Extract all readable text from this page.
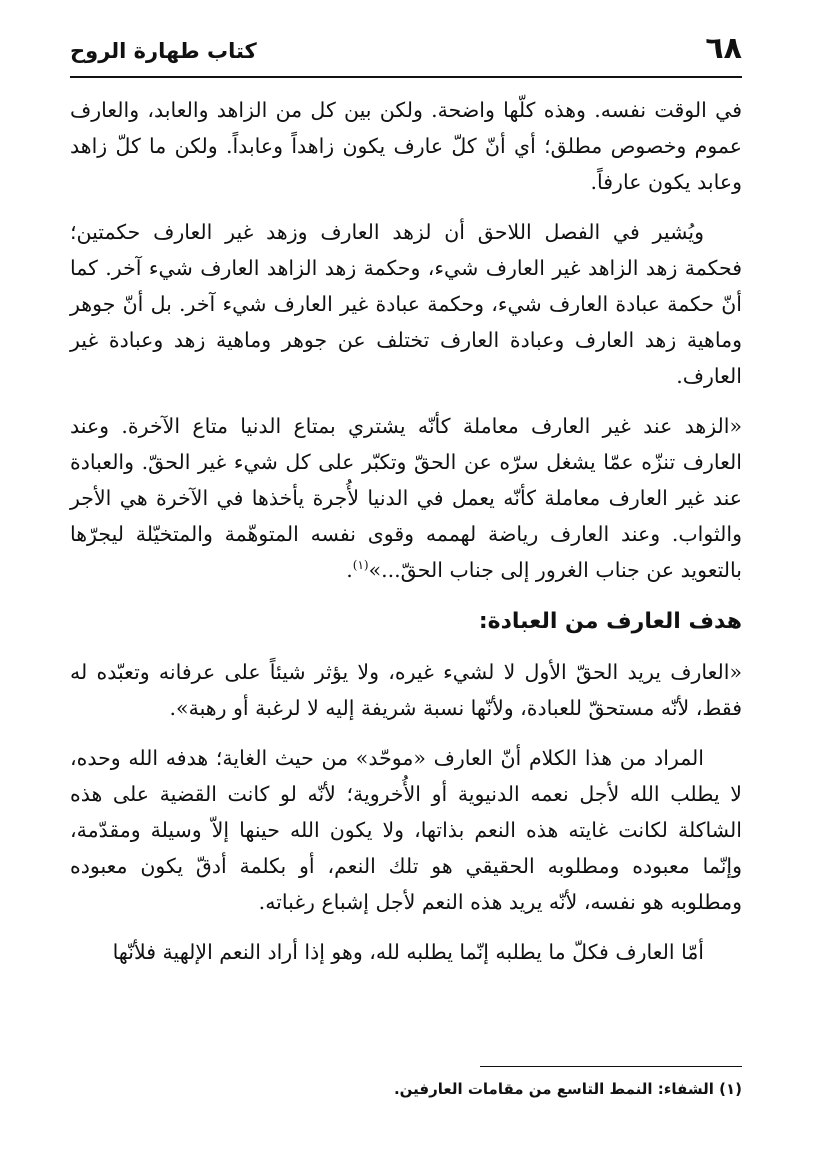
٦٨
كتاب طهارة الروح

في الوقت نفسه. وهذه كلّها واضحة. ولكن بين كل من الزاهد والعابد، والعارف عموم وخصوص مطلق؛ أي أنّ كلّ عارف يكون زاهداً وعابداً. ولكن ما كلّ زاهد وعابد يكون عارفاً.

ويُشير في الفصل اللاحق أن لزهد العارف وزهد غير العارف حكمتين؛ فحكمة زهد الزاهد غير العارف شيء، وحكمة زهد الزاهد العارف شيء آخر. كما أنّ حكمة عبادة العارف شيء، وحكمة عبادة غير العارف شيء آخر. بل أنّ جوهر وماهية زهد العارف وعبادة العارف تختلف عن جوهر وماهية زهد وعبادة غير العارف.

«الزهد عند غير العارف معاملة كأنّه يشتري بمتاع الدنيا متاع الآخرة. وعند العارف تنزّه عمّا يشغل سرّه عن الحقّ وتكبّر على كل شيء غير الحقّ. والعبادة عند غير العارف معاملة كأنّه يعمل في الدنيا لأُجرة يأخذها في الآخرة هي الأجر والثواب. وعند العارف رياضة لهممه وقوى نفسه المتوهّمة والمتخيّلة ليجرّها بالتعويد عن جناب الغرور إلى جناب الحقّ...»$^{(١)}$.

هدف العارف من العبادة:

«العارف يريد الحقّ الأول لا لشيء غيره، ولا يؤثر شيئاً على عرفانه وتعبّده له فقط، لأنّه مستحقّ للعبادة، ولأنّها نسبة شريفة إليه لا لرغبة أو رهبة».

المراد من هذا الكلام أنّ العارف «موحّد» من حيث الغاية؛ هدفه الله وحده، لا يطلب الله لأجل نعمه الدنيوية أو الأُخروية؛ لأنّه لو كانت القضية على هذه الشاكلة لكانت غايته هذه النعم بذاتها، ولا يكون الله حينها إلاّ وسيلة ومقدّمة، وإنّما معبوده ومطلوبه الحقيقي هو تلك النعم، أو بكلمة أدقّ يكون معبوده ومطلوبه هو نفسه، لأنّه يريد هذه النعم لأجل إشباع رغباته.

أمّا العارف فكلّ ما يطلبه إنّما يطلبه لله، وهو إذا أراد النعم الإلهية فلأنّها

(١) الشفاء: النمط التاسع من مقامات العارفين.
